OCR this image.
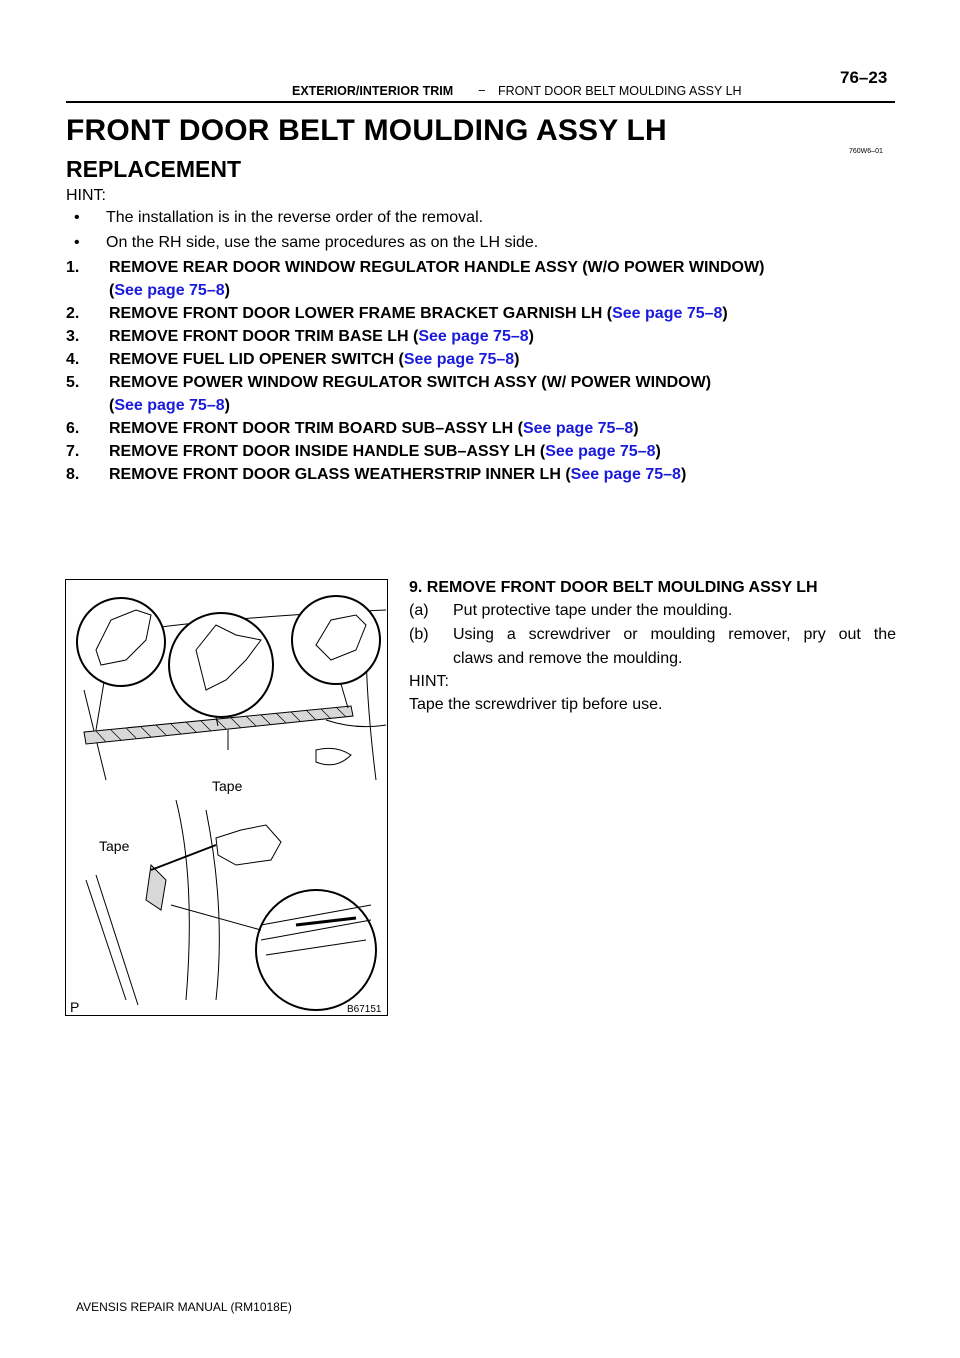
EXTERIOR/INTERIOR TRIM − FRONT DOOR BELT MOULDING ASSY LH
76–23
FRONT DOOR BELT MOULDING ASSY LH
760W6–01
REPLACEMENT
HINT:
• The installation is in the reverse order of the removal.
• On the RH side, use the same procedures as on the LH side.
1. REMOVE REAR DOOR WINDOW REGULATOR HANDLE ASSY (W/O POWER WINDOW)
(See page 75–8)
2. REMOVE FRONT DOOR LOWER FRAME BRACKET GARNISH LH (See page 75–8)
3. REMOVE FRONT DOOR TRIM BASE LH (See page 75–8)
4. REMOVE FUEL LID OPENER SWITCH (See page 75–8)
5. REMOVE POWER WINDOW REGULATOR SWITCH ASSY (W/ POWER WINDOW)
(See page 75–8)
6. REMOVE FRONT DOOR TRIM BOARD SUB–ASSY LH (See page 75–8)
7. REMOVE FRONT DOOR INSIDE HANDLE SUB–ASSY LH (See page 75–8)
8. REMOVE FRONT DOOR GLASS WEATHERSTRIP INNER LH (See page 75–8)
Tape
Tape
P	B67151
9. REMOVE FRONT DOOR BELT MOULDING ASSY LH
(a) Put protective tape under the moulding.
(b) Using a screwdriver or moulding remover, pry out the
claws and remove the moulding.
HINT:
Tape the screwdriver tip before use.
AVENSIS REPAIR MANUAL (RM1018E)
